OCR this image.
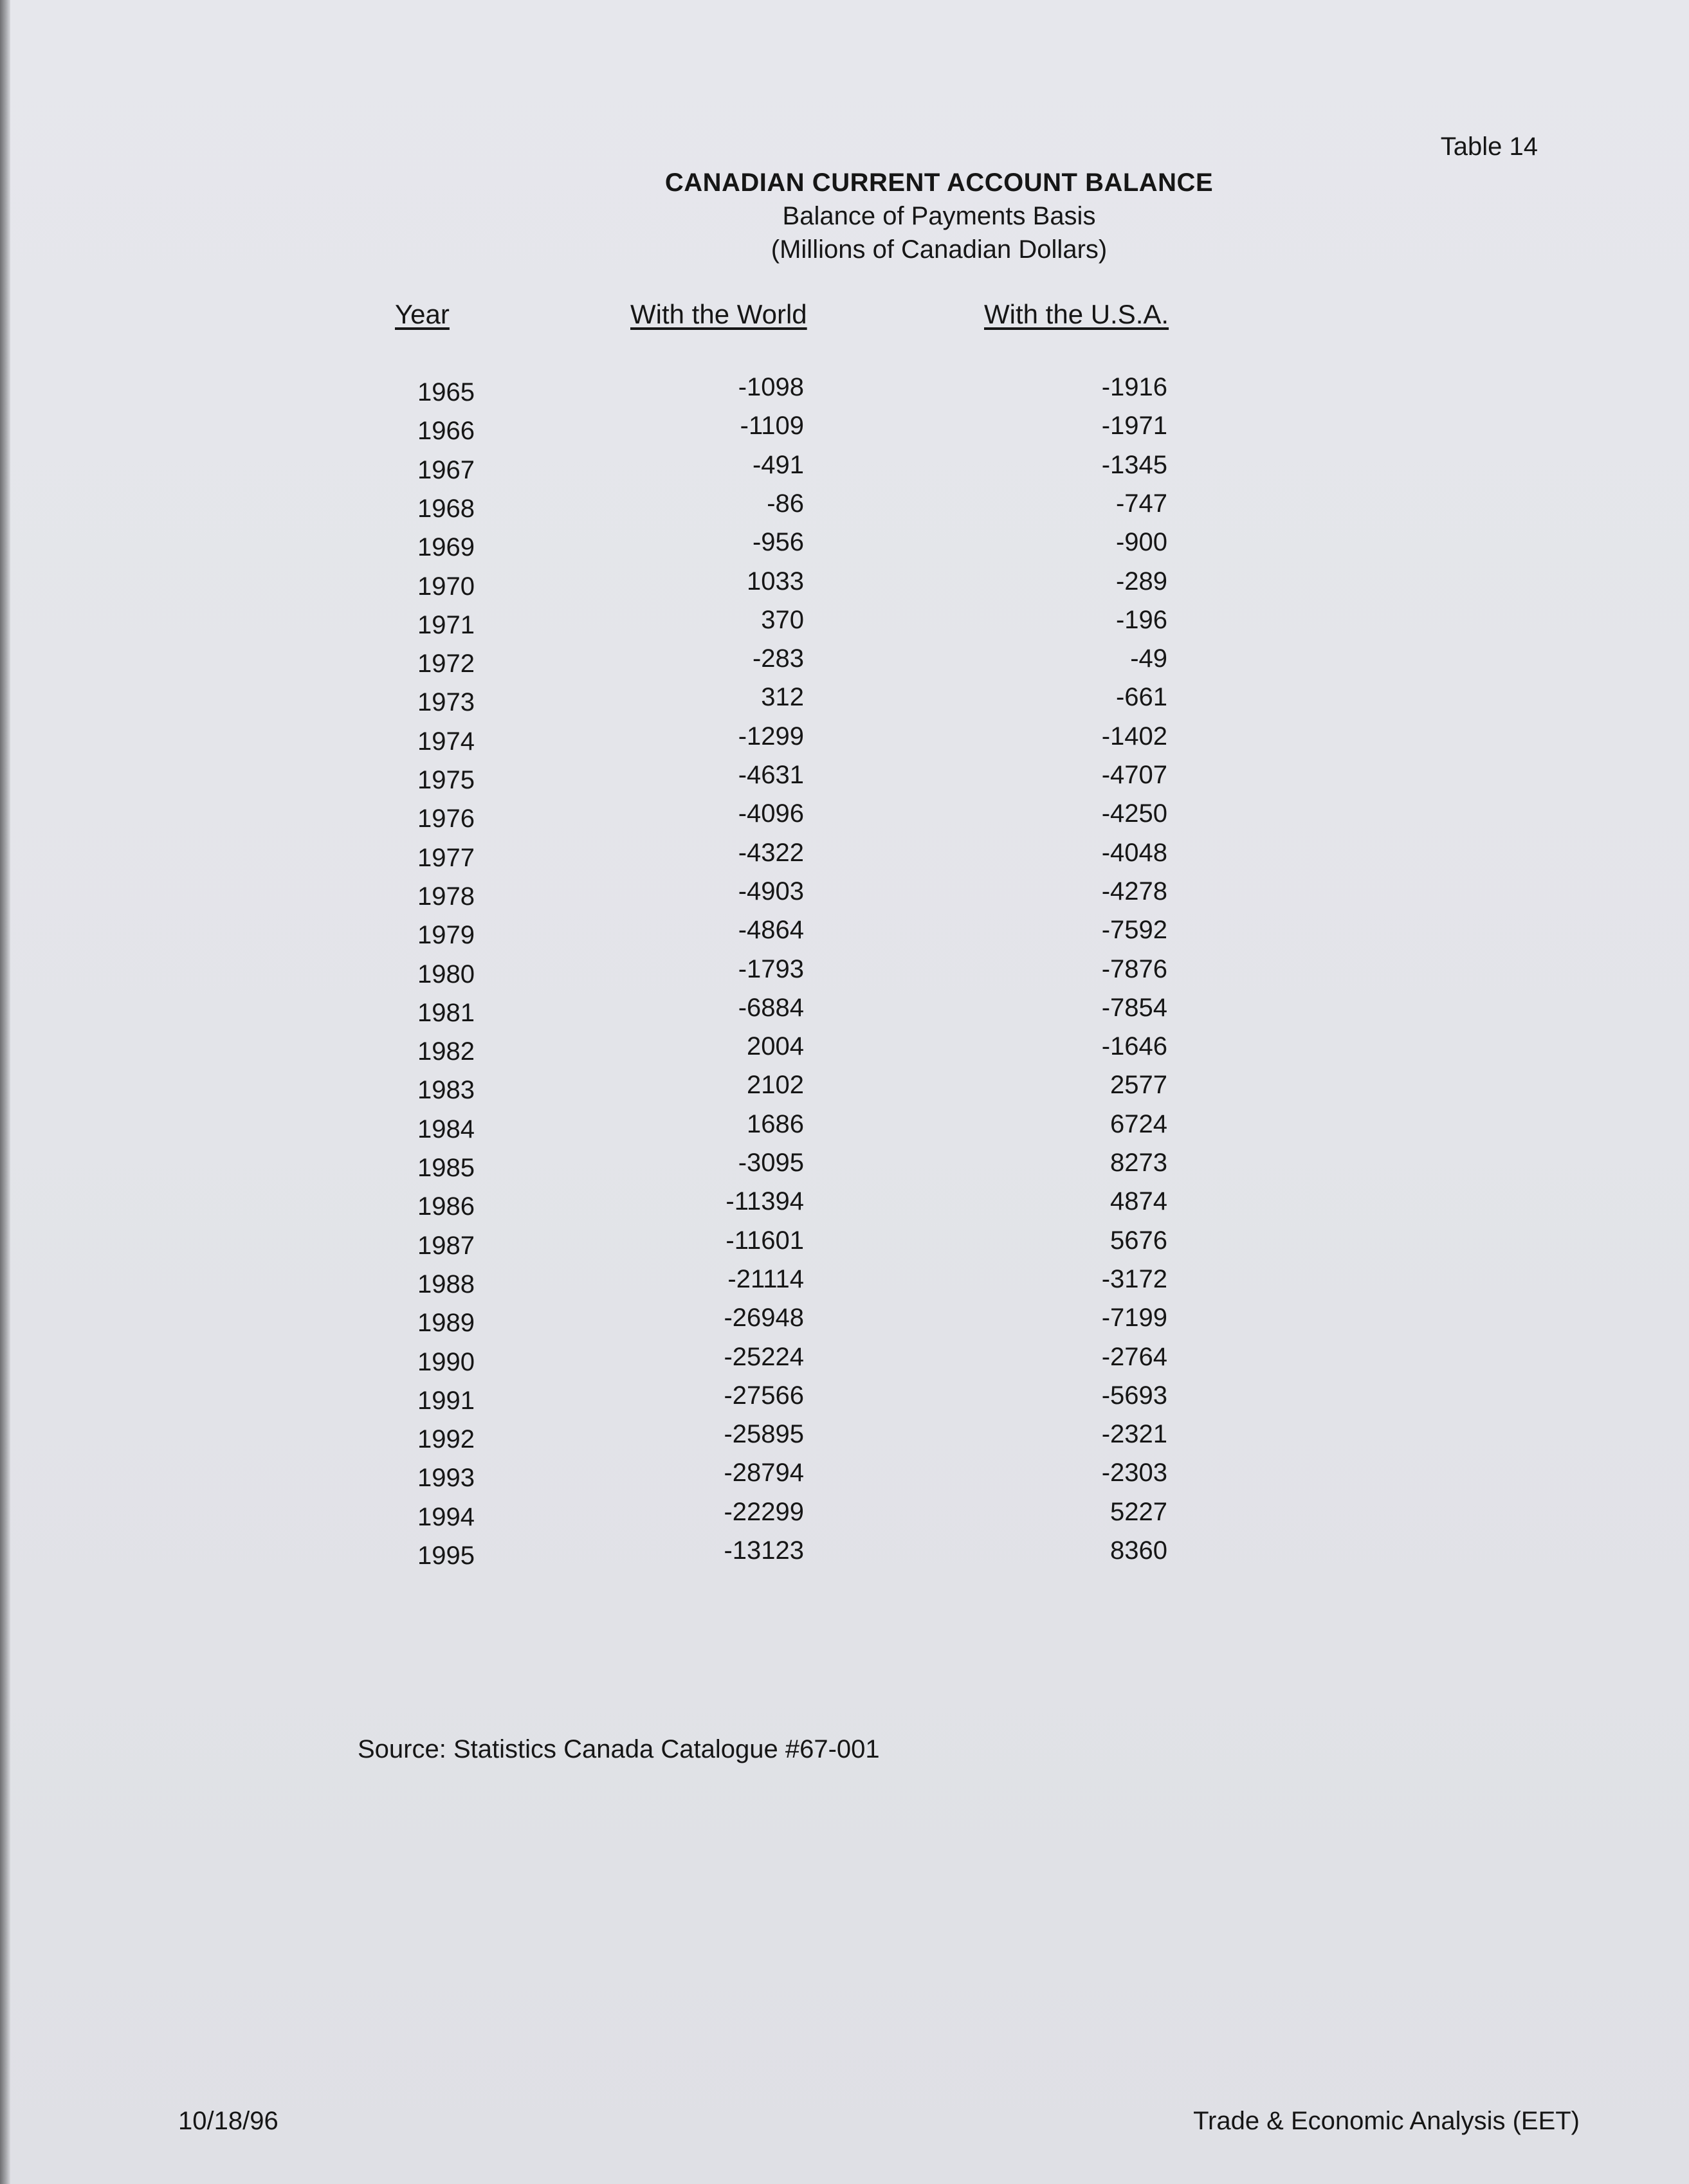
Table 14
CANADIAN CURRENT ACCOUNT BALANCE
Balance of Payments Basis
(Millions of Canadian Dollars)
Year	With the World	With the U.S.A.
1965	-1098	-1916
1966	-1109	-1971
1967	-491	-1345
1968	-86	-747
1969	-956	-900
1970	1033	-289
1971	370	-196
1972	-283	-49
1973	312	-661
1974	-1299	-1402
1975	-4631	-4707
1976	-4096	-4250
1977	-4322	-4048
1978	-4903	-4278
1979	-4864	-7592
1980	-1793	-7876
1981	-6884	-7854
1982	2004	-1646
1983	2102	2577
1984	1686	6724
1985	-3095	8273
1986	-11394	4874
1987	-11601	5676
1988	-21114	-3172
1989	-26948	-7199
1990	-25224	-2764
1991	-27566	-5693
1992	-25895	-2321
1993	-28794	-2303
1994	-22299	5227
1995	-13123	8360
Source: Statistics Canada Catalogue #67-001
10/18/96	Trade & Economic Analysis (EET)
